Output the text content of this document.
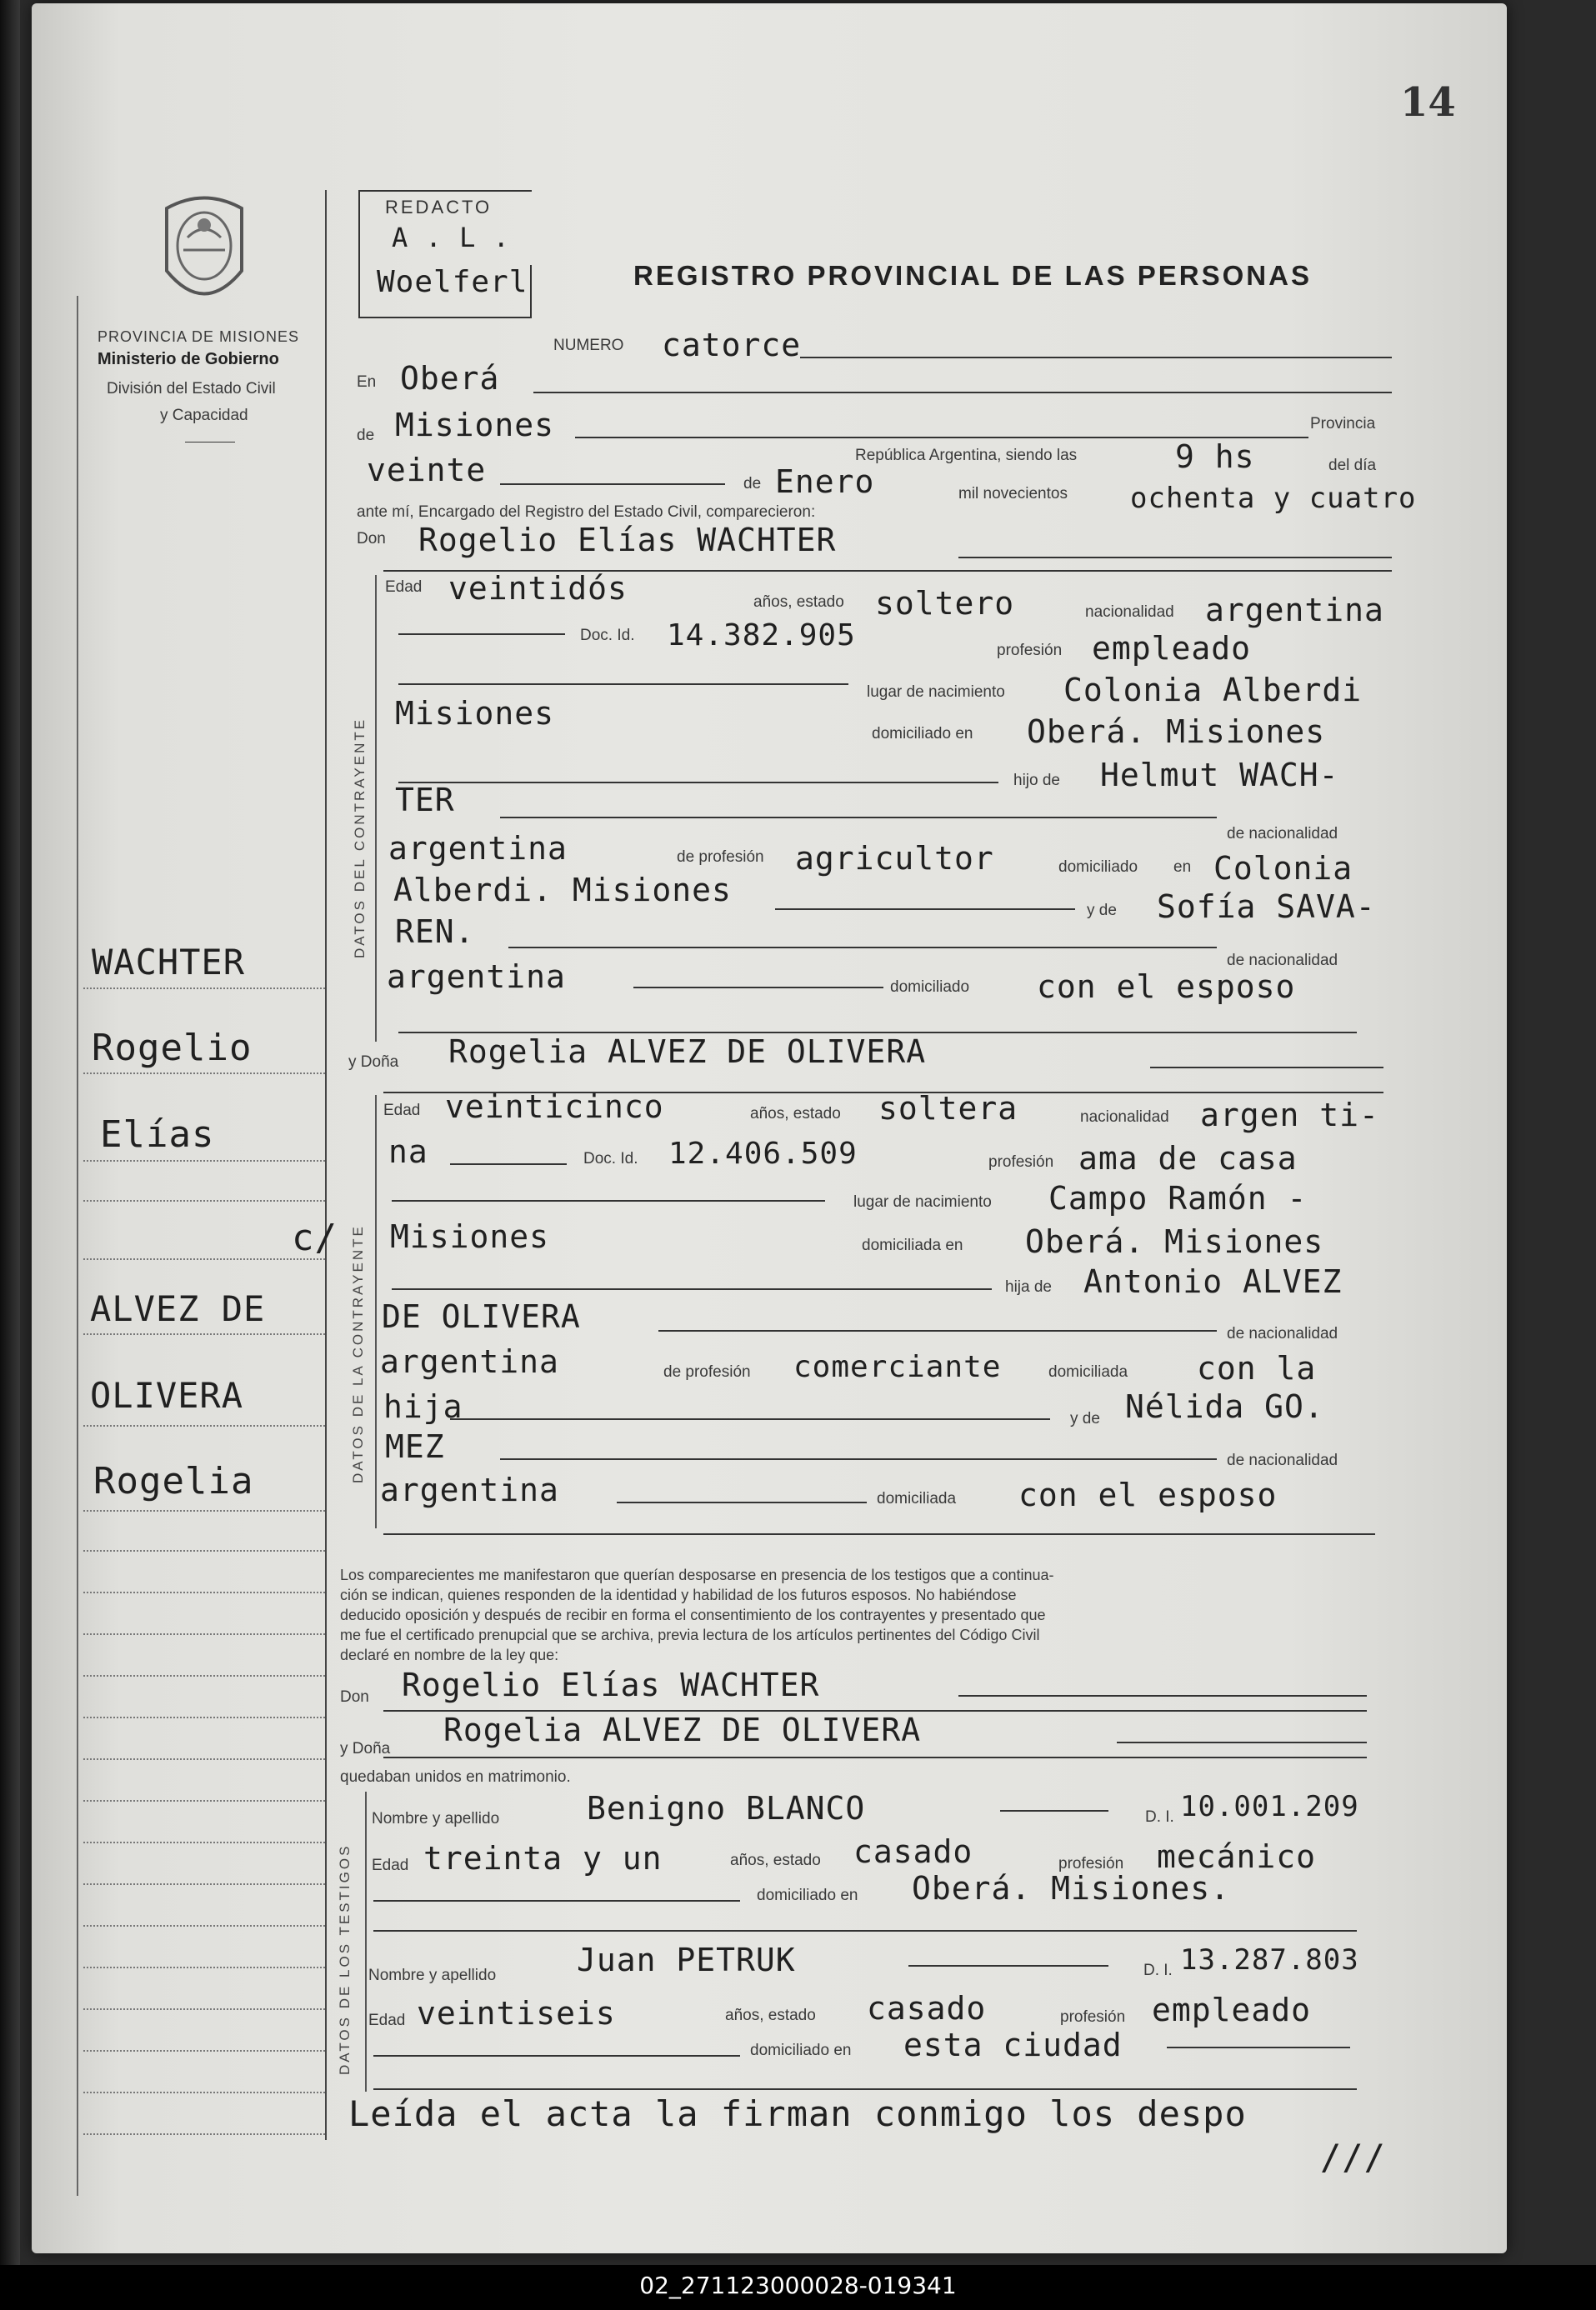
14
PROVINCIA DE MISIONES
Ministerio de Gobierno
División del Estado Civil
y Capacidad
REDACTO
A . L .
Woelferl	REGISTRO PROVINCIAL DE LAS PERSONAS
WACHTER
Rogelio
Elías
c/
ALVEZ DE
OLIVERA
Rogelia
NUMERO catorce
En Oberá
de Misiones
República Argentina, siendo las	9 hs
Provincia
del día
veinte	de Enero	mil novecientos ochenta y cuatro
ante mí, Encargado del Registro del Estado Civil, comparecieron:
Don Rogelio Elías WACHTER
DATOS DEL CONTRAYENTE
Edad veintidós	años, estado soltero	nacionalidad argentina
Doc. Id. 14.382.905	profesión empleado
lugar de nacimiento Colonia Alberdi
Misiones
domiciliado en Oberá. Misiones
hijo de Helmut WACH-
TER
de nacionalidad
argentina	de profesión agricultor	domiciliado en Colonia
Alberdi. Misiones
y de Sofía SAVA-
REN.
de nacionalidad
argentina	domiciliado con el esposo
y Doña Rogelia ALVEZ DE OLIVERA
DATOS DE LA CONTRAYENTE
Edad veinticinco	años, estado soltera	nacionalidad argen ti-
na	Doc. Id. 12.406.509	profesión ama de casa
lugar de nacimiento Campo Ramón -
Misiones	domiciliada en Oberá. Misiones
hija de Antonio ALVEZ
DE OLIVERA	de nacionalidad
argentina	de profesión comerciante	domiciliada con la
hija	y de Nélida GO.
MEZ	de nacionalidad
argentina	domiciliada con el esposo
Los comparecientes me manifestaron que querían desposarse en presencia de los testigos que a continua-
ción se indican, quienes responden de la identidad y habilidad de los futuros esposos. No habiéndose
deducido oposición y después de recibir en forma el consentimiento de los contrayentes y presentado que
me fue el certificado prenupcial que se archiva, previa lectura de los artículos pertinentes del Código Civil
declaré en nombre de la ley que:
Don Rogelio Elías WACHTER
y Doña
Rogelia ALVEZ DE OLIVERA
quedaban unidos en matrimonio.
DATOS DE LOS TESTIGOS
Nombre y apellido	Benigno BLANCO	D. I. 10.001.209
Edad treinta y un	años, estado casado	profesión mecánico
domiciliado en Oberá. Misiones.
Nombre y apellido	Juan PETRUK	D. I. 13.287.803
Edad veintiseis	años, estado casado	profesión empleado
domiciliado en esta ciudad
Leída el acta la firman conmigo los despo
///
02_271123000028-019341
